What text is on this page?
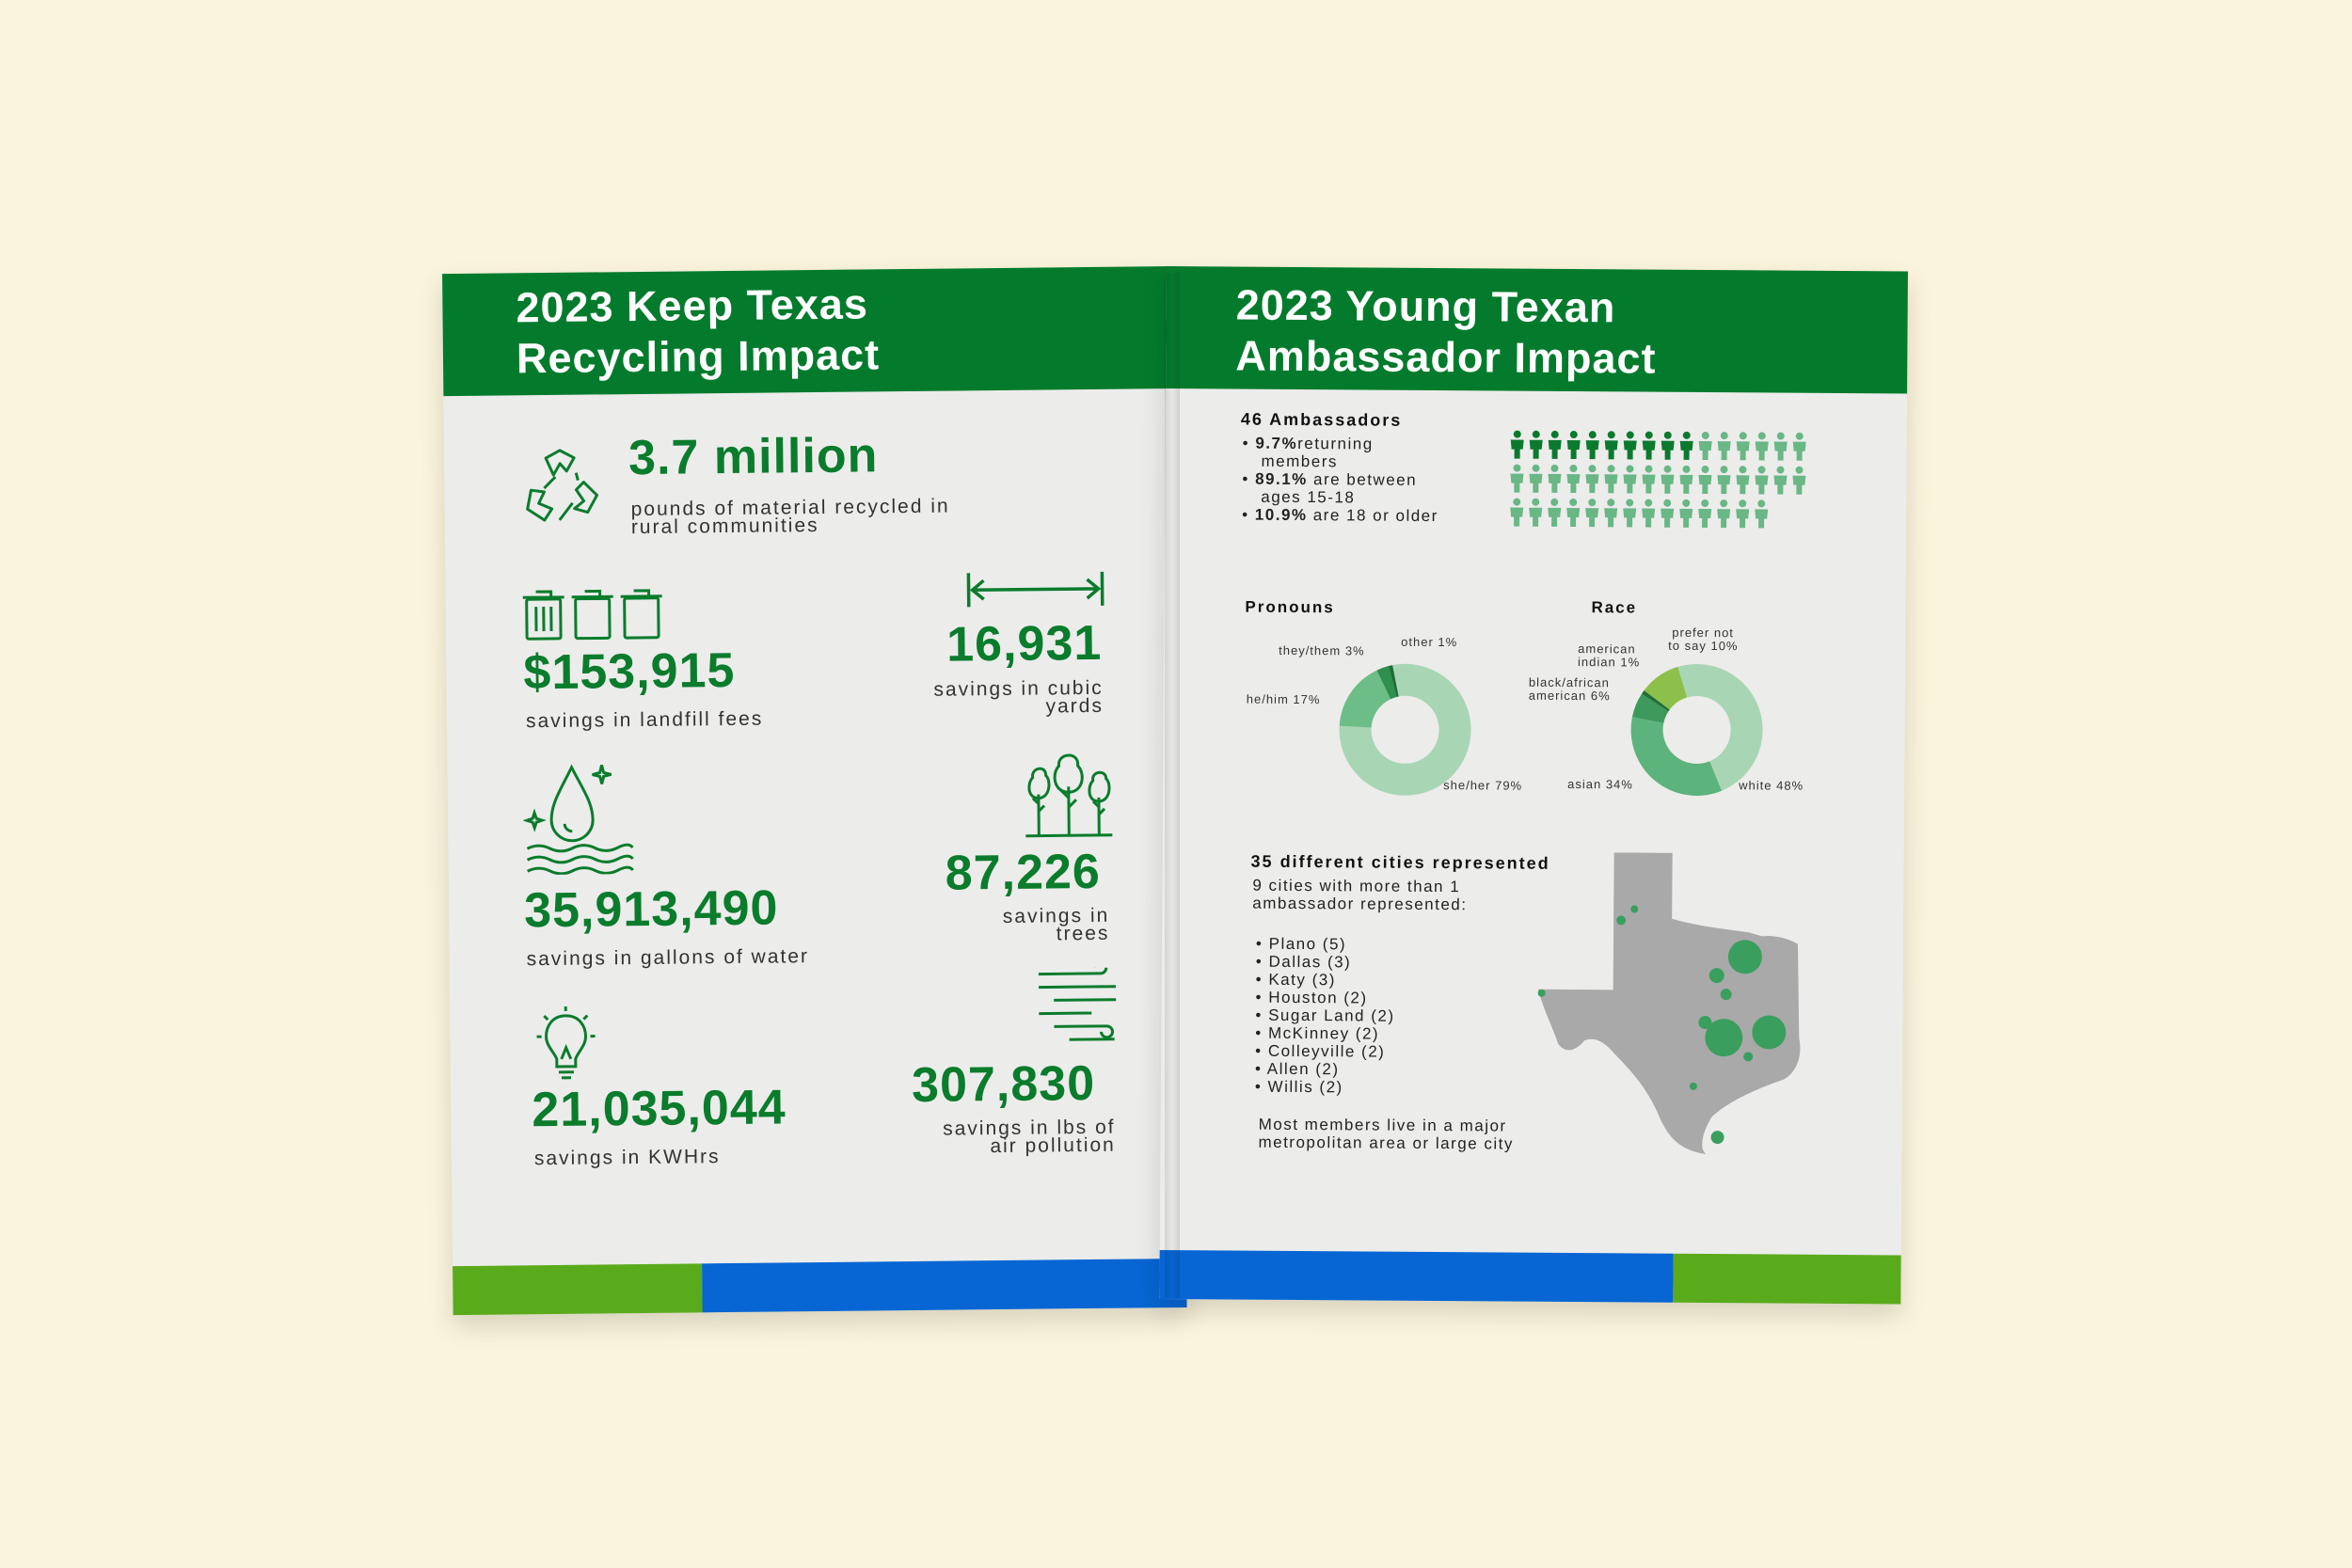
2023 Keep Texas
Recycling Impact
3.7 million
pounds of material recycled in
rural communities
$153,915
savings in landfill fees
16,931
savings in cubic
yards
35,913,490
savings in gallons of water
87,226
savings in
trees
21,035,044
savings in KWHrs
307,830
savings in lbs of
air pollution
2023 Young Texan
Ambassador Impact
46 Ambassadors
• 9.7%returning
members
• 89.1% are between
ages 15-18
• 10.9% are 18 or older
Pronouns
they/them 3%
other 1%
he/him 17%
she/her 79%
Race
prefer not
to say 10%
american
indian 1%
black/african
american 6%
asian 34%	white 48%
35 different cities represented
9 cities with more than 1
ambassador represented:
• Plano (5)
• Dallas (3)
• Katy (3)
• Houston (2)
• Sugar Land (2)
• McKinney (2)
• Colleyville (2)
• Allen (2)
• Willis (2)
Most members live in a major
metropolitan area or large city
